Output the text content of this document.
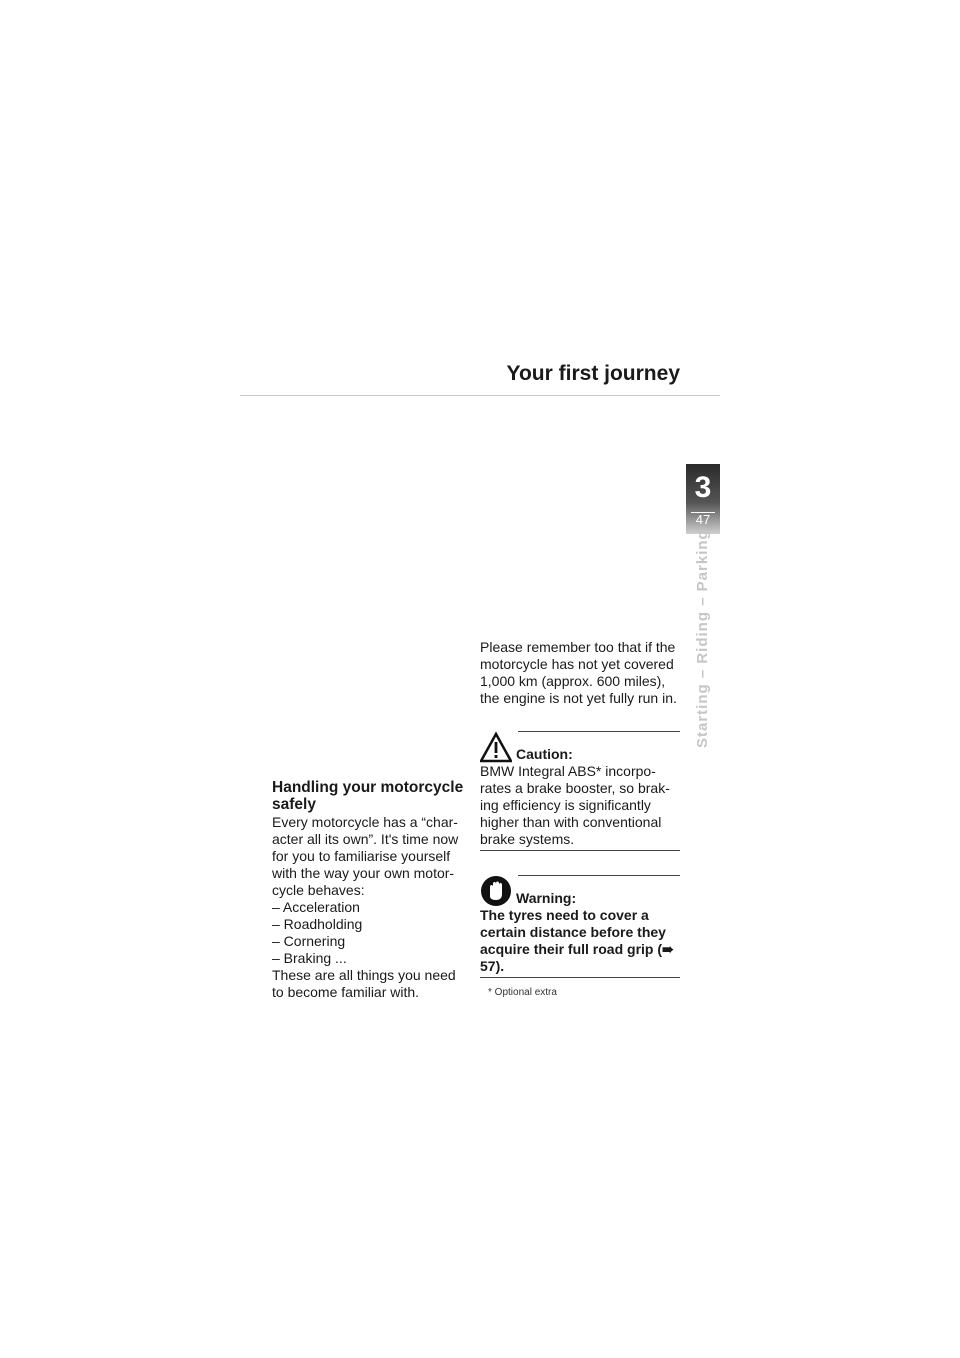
Your first journey
3
47
Starting – Riding – Parking
Handling your motorcycle safely

Every motorcycle has a “char-acter all its own”. It's time now for you to familiarise yourself with the way your own motor-cycle behaves:

– Acceleration
– Roadholding
– Cornering
– Braking ...

These are all things you need to become familiar with.

Please remember too that if the motorcycle has not yet covered 1,000 km (approx. 600 miles), the engine is not yet fully run in.

Caution:
BMW Integral ABS* incorpo-rates a brake booster, so brak-ing efficiency is significantly higher than with conventional brake systems.
Warning:
The tyres need to cover a certain distance before they acquire their full road grip (➠ 57).
* Optional extra
